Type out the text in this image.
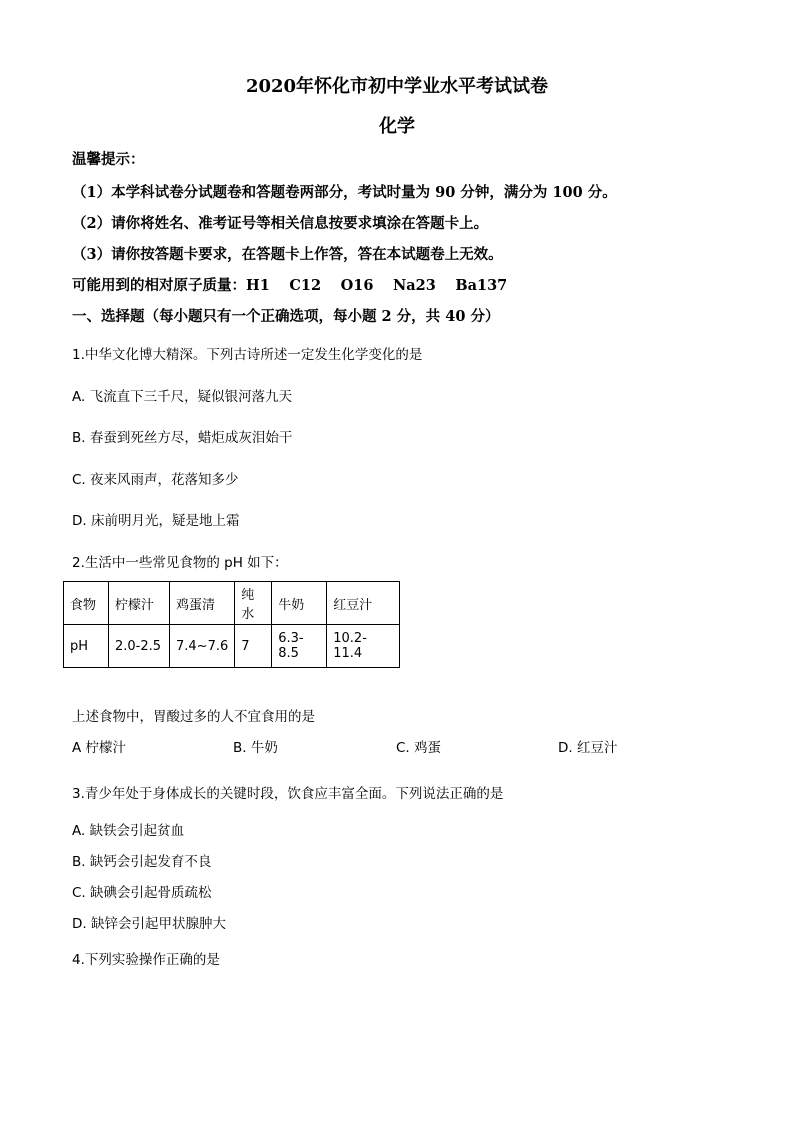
2020年怀化市初中学业水平考试试卷
化学
温馨提示：
（1）本学科试卷分试题卷和答题卷两部分，考试时量为 90 分钟，满分为 100 分。
（2）请你将姓名、准考证号等相关信息按要求填涂在答题卡上。
（3）请你按答题卡要求，在答题卡上作答，答在本试题卷上无效。
可能用到的相对原子质量：H1　 C12　 O16　 Na23　 Ba137
一、选择题（每小题只有一个正确选项，每小题 2 分，共 40 分）
1.中华文化博大精深。下列古诗所述一定发生化学变化的是
A. 飞流直下三千尺，疑似银河落九天
B. 春蚕到死丝方尽，蜡炬成灰泪始干
C. 夜来风雨声，花落知多少
D. 床前明月光，疑是地上霜
2.生活中一些常见食物的 pH 如下：
食物	柠檬汁	鸡蛋清	纯水	牛奶	红豆汁
pH	2.0-2.5	7.4~7.6	7	6.3-8.5	10.2-11.4
上述食物中，胃酸过多的人不宜食用的是
A 柠檬汁	B. 牛奶	C. 鸡蛋	D. 红豆汁
3.青少年处于身体成长的关键时段，饮食应丰富全面。下列说法正确的是
A. 缺铁会引起贫血
B. 缺钙会引起发育不良
C. 缺碘会引起骨质疏松
D. 缺锌会引起甲状腺肿大
4.下列实验操作正确的是
